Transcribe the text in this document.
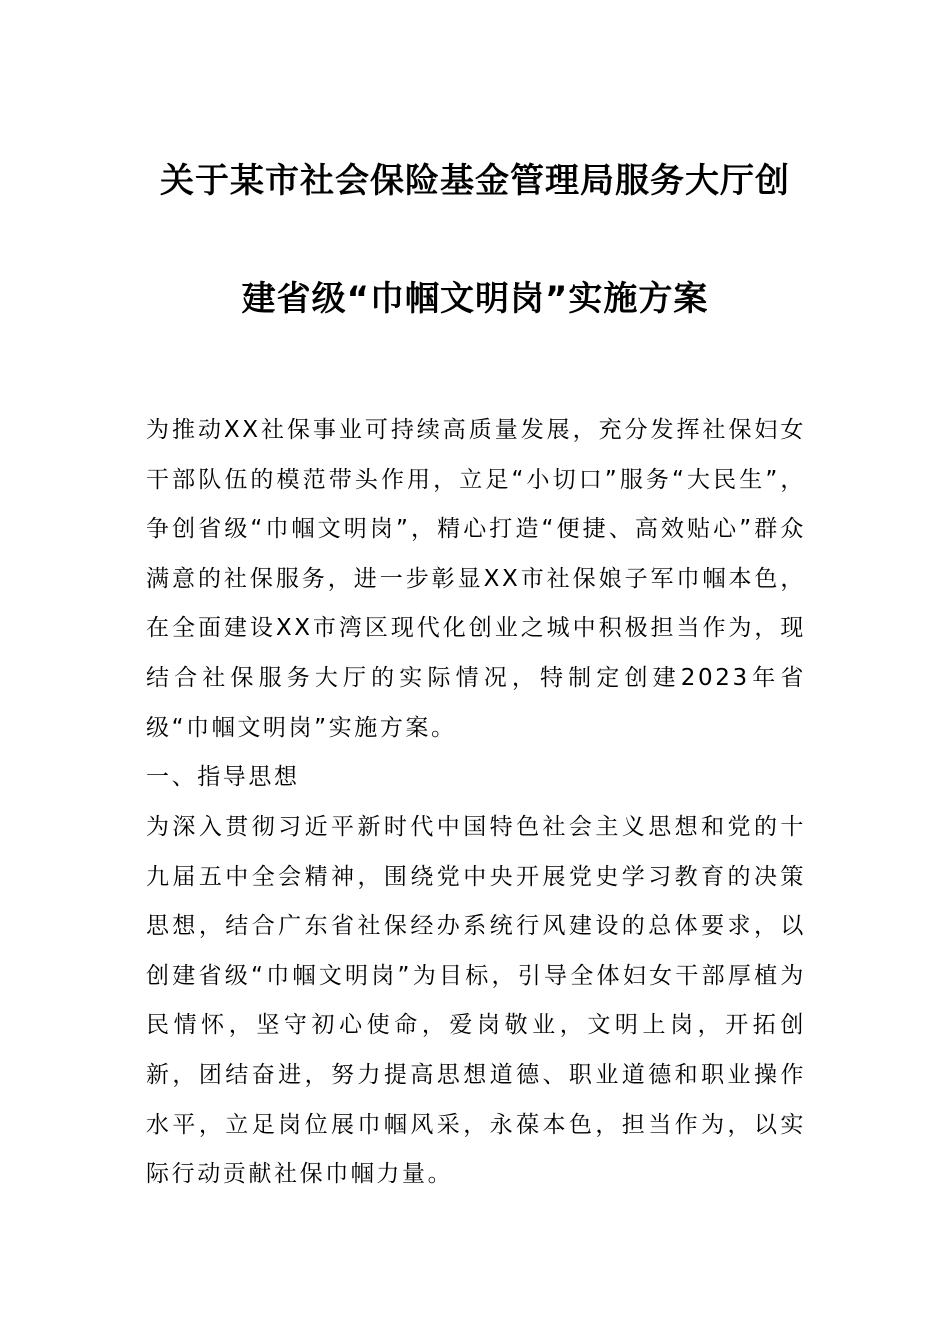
关于某市社会保险基金管理局服务大厅创
建省级“巾帼文明岗”实施方案

为推动XX社保事业可持续高质量发展，充分发挥社保妇女干部队伍的模范带头作用，立足“小切口”服务“大民生”，争创省级“巾帼文明岗”，精心打造“便捷、高效贴心”群众满意的社保服务，进一步彰显XX市社保娘子军巾帼本色，在全面建设XX市湾区现代化创业之城中积极担当作为，现结合社保服务大厅的实际情况，特制定创建2023年省级“巾帼文明岗”实施方案。

一、指导思想

为深入贯彻习近平新时代中国特色社会主义思想和党的十九届五中全会精神，围绕党中央开展党史学习教育的决策思想，结合广东省社保经办系统行风建设的总体要求，以创建省级“巾帼文明岗”为目标，引导全体妇女干部厚植为民情怀，坚守初心使命，爱岗敬业，文明上岗，开拓创新，团结奋进，努力提高思想道德、职业道德和职业操作水平，立足岗位展巾帼风采，永葆本色，担当作为，以实际行动贡献社保巾帼力量。
